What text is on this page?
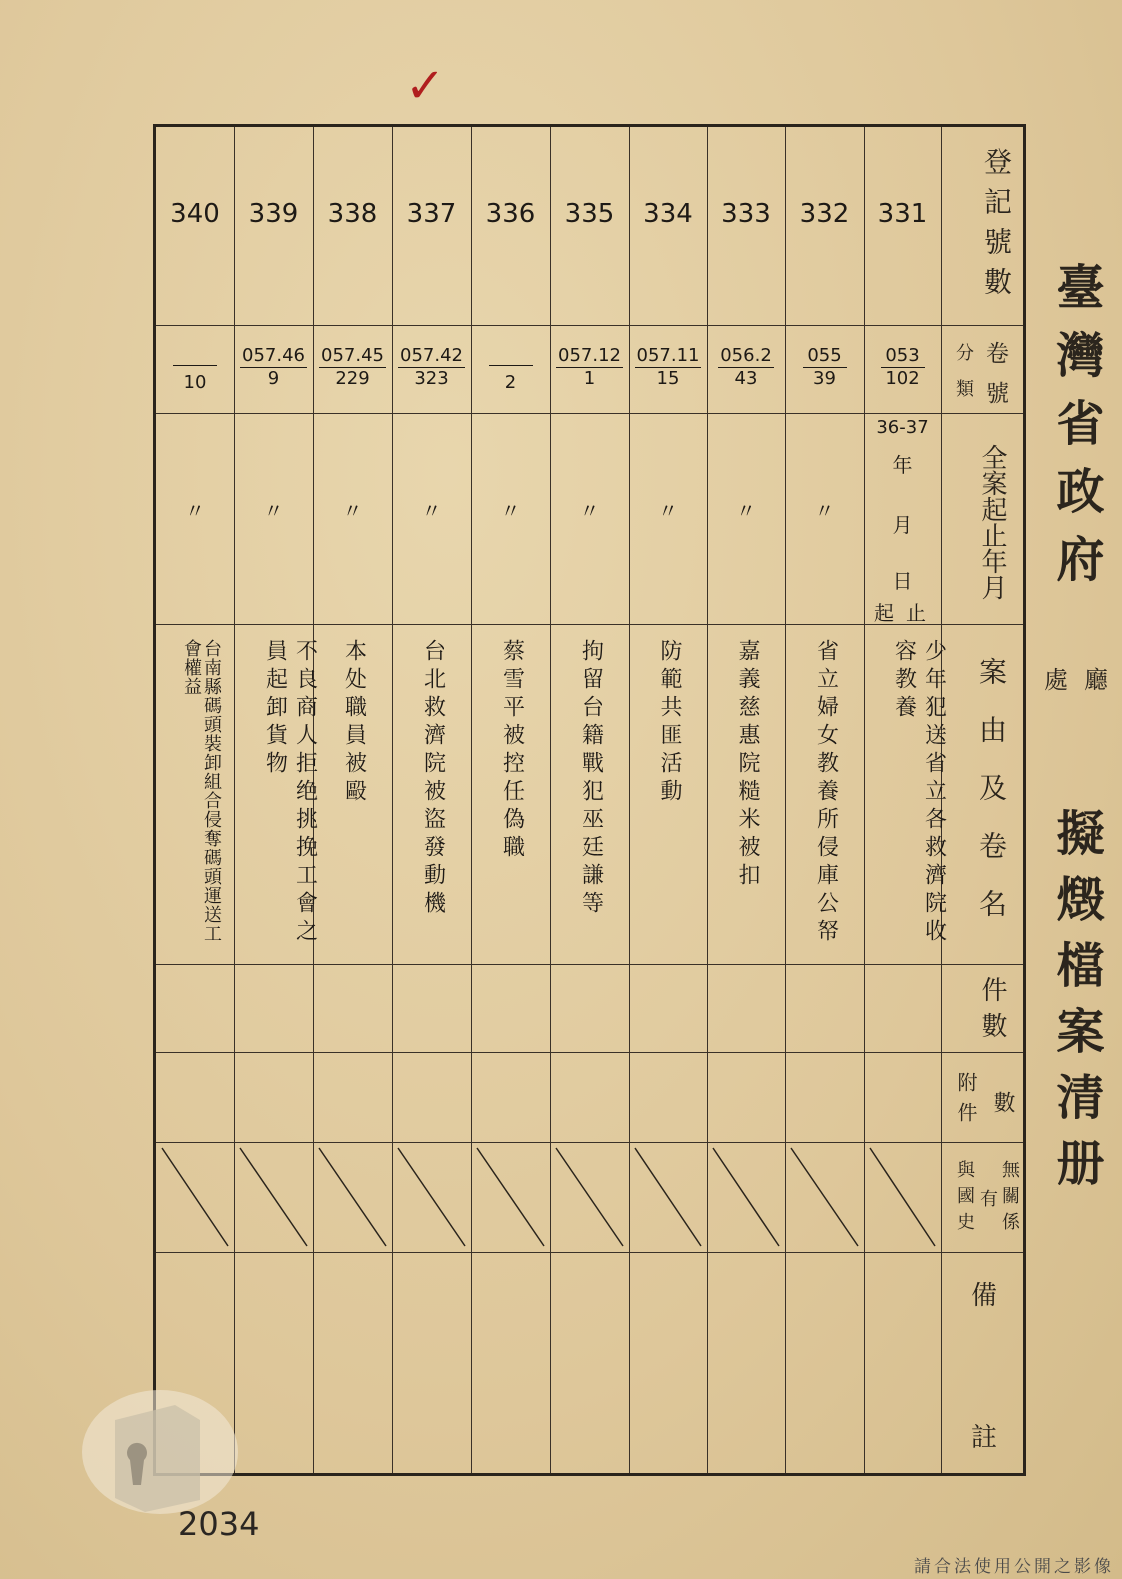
臺灣省政府
處 廳
擬燬檔案清册
✓
登記號數
卷
分
號
類
全案起止年月
案由及卷名
件數
數
附件
無關係
有
與國史
備
註
331
053
102
36-37
年
月
日
起 止
少年犯送省立各救濟院收容教養
332
055
39
〃
省立婦女教養所侵庫公帑
333
056.2
43
〃
嘉義慈惠院糙米被扣
334
057.11
15
〃
防範共匪活動
335
057.12
1
〃
拘留台籍戰犯巫廷謙等
336

2
〃
蔡雪平被控任偽職
337
057.42
323
〃
台北救濟院被盜發動機
338
057.45
229
〃
本处職員被毆
339
057.46
9
〃
不良商人拒绝挑挽工會之員起卸貨物
340

10
〃
台南縣碼頭裝卸組合侵奪碼頭運送工會權益
2034
請合法使用公開之影像
